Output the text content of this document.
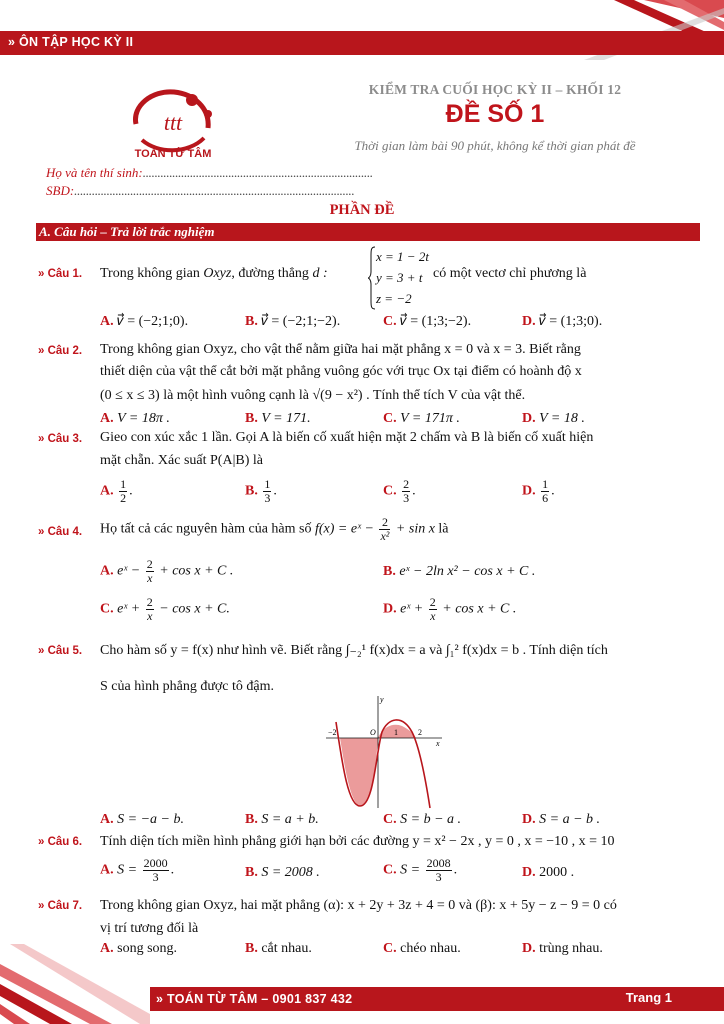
» ÔN TẬP HỌC KỲ II
ttt
TOÁN TỪ TÂM
KIỂM TRA CUỐI HỌC KỲ II – KHỐI 12
ĐỀ SỐ 1
Thời gian làm bài 90 phút, không kể thời gian phát đề
Họ và tên thí sinh:..............................................................................
SBD:...............................................................................................
PHẦN ĐỀ
A. Câu hỏi – Trả lời trắc nghiệm
» Câu 1. Trong không gian Oxyz, đường thẳng d :
x = 1 − 2t
y = 3 + t
z = −2
có một vectơ chỉ phương là
A. 𝑣⃗ = (−2;1;0).	B. 𝑣⃗ = (−2;1;−2).	C. 𝑣⃗ = (1;3;−2).	D. 𝑣⃗ = (1;3;0).
» Câu 2. Trong không gian Oxyz, cho vật thể nằm giữa hai mặt phẳng x = 0 và x = 3. Biết rằng
thiết diện của vật thể cắt bởi mặt phẳng vuông góc với trục Ox tại điểm có hoành độ x
(0 ≤ x ≤ 3) là một hình vuông cạnh là √(9 − x²) . Tính thể tích V của vật thể.
A. V = 18π .	B. V = 171.	C. V = 171π .	D. V = 18 .
» Câu 3. Gieo con xúc xắc 1 lần. Gọi A là biến cố xuất hiện mặt 2 chấm và B là biến cố xuất hiện
mặt chẵn. Xác suất P(A|B) là
A. $\frac{1}{2}$ .	B. $\frac{1}{3}$ .	C. $\frac{2}{3}$ .	D. $\frac{1}{6}$ .
» Câu 4. Họ tất cả các nguyên hàm của hàm số f(x) = eˣ − $\frac{2}{\text{x²}} + \sin x$ là
A. eˣ − $\frac{2}{x} + \cos x + C$ .	B. eˣ − 2ln x² − cos x + C .
C. eˣ + $\frac{2}{x} - \cos x + C$.	D. eˣ + $\frac{2}{x} + \cos x + C$ .
» Câu 5. Cho hàm số y = f(x) như hình vẽ. Biết rằng ∫₋₂¹ f(x)dx = a và ∫₁² f(x)dx = b . Tính diện tích
S của hình phẳng được tô đậm.
y
x
−2	O 1	2
A. S = −a − b.	B. S = a + b.	C. S = b − a .	D. S = a − b .
» Câu 6. Tính diện tích miền hình phẳng giới hạn bởi các đường y = x² − 2x , y = 0 , x = −10 , x = 10
A. $S = \frac{2000}{3}$ .	B. S = 2008 .	C. $S = \frac{2008}{3}$ .	D. 2000 .
» Câu 7. Trong không gian Oxyz, hai mặt phẳng (α): x + 2y + 3z + 4 = 0 và (β): x + 5y − z − 9 = 0 có
vị trí tương đối là
A. song song.	B. cắt nhau.	C. chéo nhau.	D. trùng nhau.
» TOÁN TỪ TÂM – 0901 837 432	Trang 1
